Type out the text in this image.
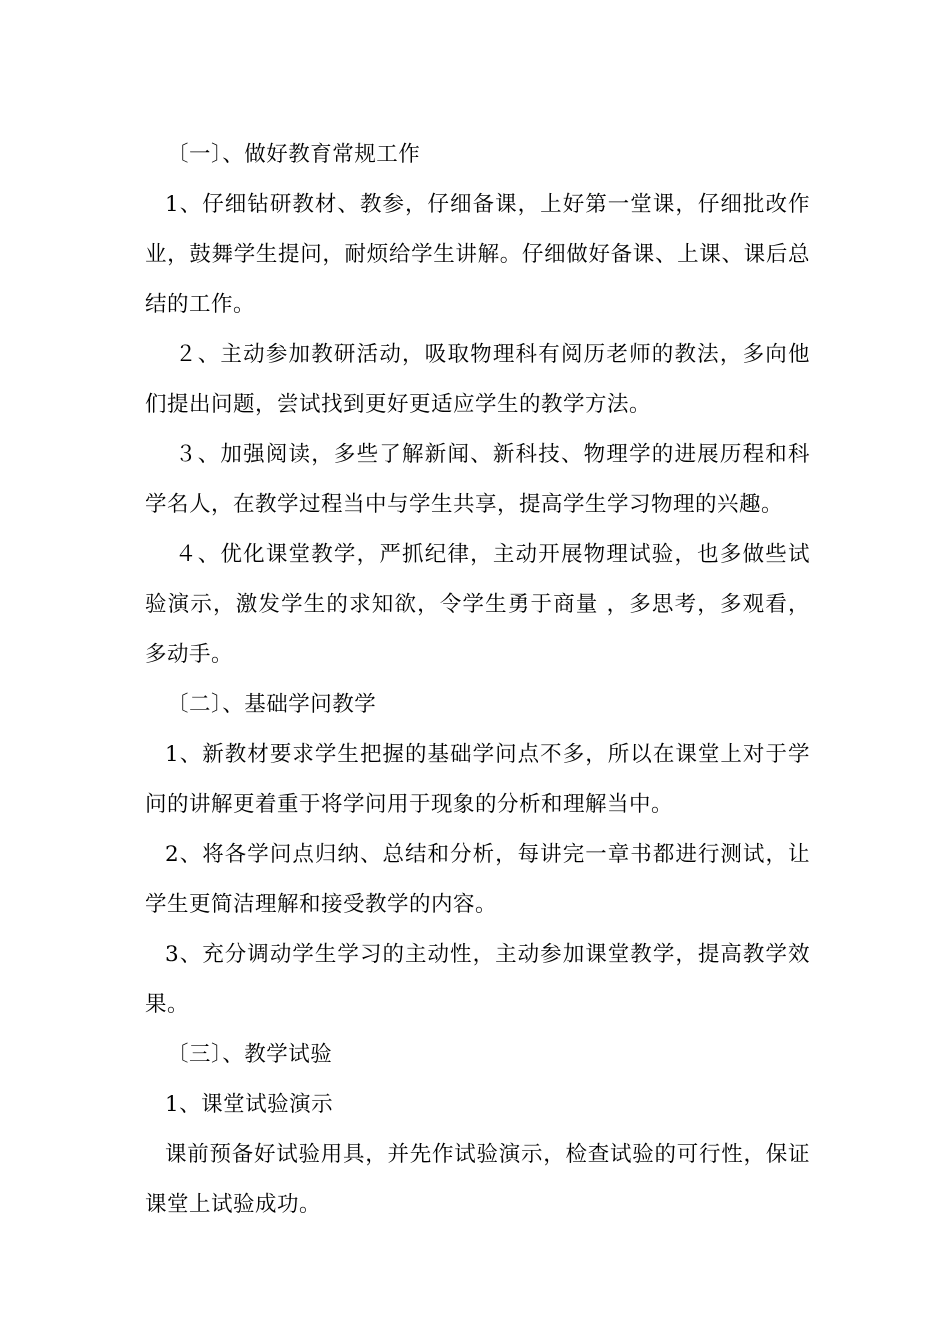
〔一〕、做好教育常规工作

1、仔细钻研教材、教参，仔细备课，上好第一堂课，仔细批改作业，鼓舞学生提问，耐烦给学生讲解。仔细做好备课、上课、课后总结的工作。

２、主动参加教研活动，吸取物理科有阅历老师的教法，多向他们提出问题，尝试找到更好更适应学生的教学方法。

３、加强阅读，多些了解新闻、新科技、物理学的进展历程和科学名人，在教学过程当中与学生共享，提高学生学习物理的兴趣。

４、优化课堂教学，严抓纪律，主动开展物理试验，也多做些试验演示，激发学生的求知欲，令学生勇于商量 ，多思考，多观看，多动手。

〔二〕、基础学问教学

1、新教材要求学生把握的基础学问点不多，所以在课堂上对于学问的讲解更着重于将学问用于现象的分析和理解当中。

2、将各学问点归纳、总结和分析，每讲完一章书都进行测试，让学生更简洁理解和接受教学的内容。

3、充分调动学生学习的主动性，主动参加课堂教学，提高教学效果。

〔三〕、教学试验

1、课堂试验演示

课前预备好试验用具，并先作试验演示，检查试验的可行性，保证课堂上试验成功。
